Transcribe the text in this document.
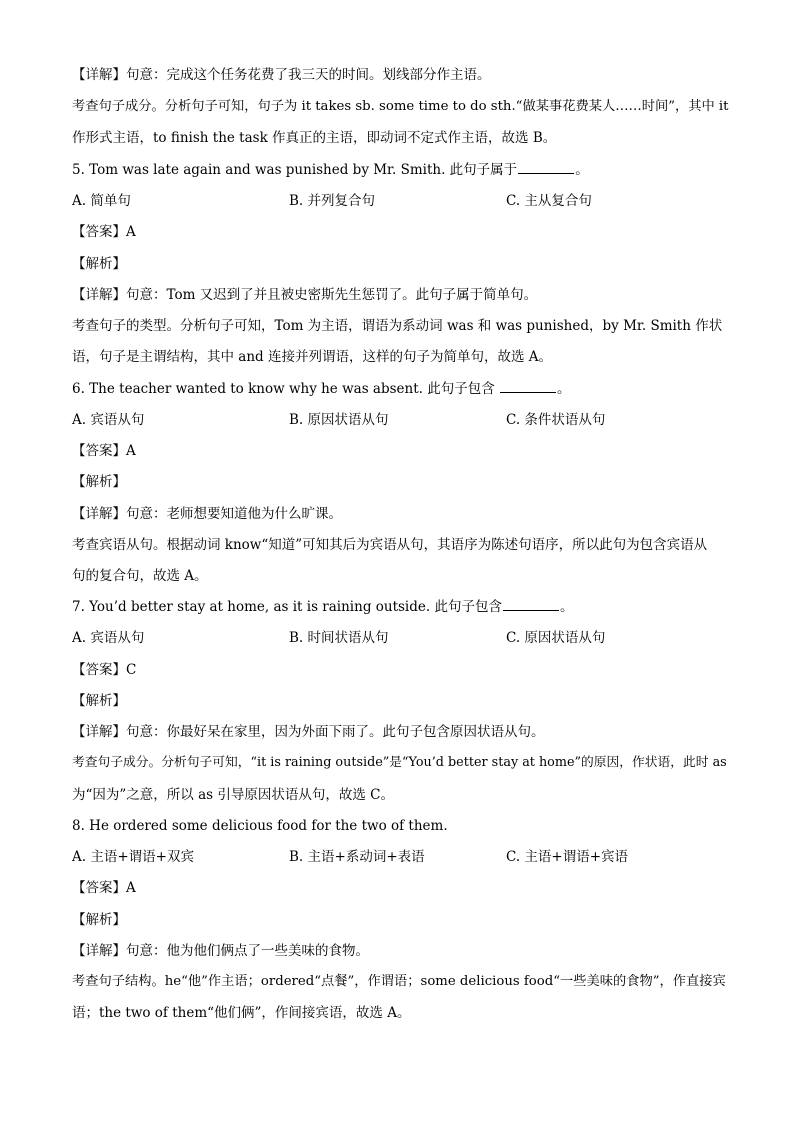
【详解】句意：完成这个任务花费了我三天的时间。划线部分作主语。
考查句子成分。分析句子可知，句子为 it takes sb. some time to do sth.“做某事花费某人……时间”，其中 it
作形式主语，to finish the task 作真正的主语，即动词不定式作主语，故选 B。
5. Tom was late again and was punished by Mr. Smith. 此句子属于	。
A. 简单句	B. 并列复合句	C. 主从复合句
【答案】A
【解析】
【详解】句意：Tom 又迟到了并且被史密斯先生惩罚了。此句子属于简单句。
考查句子的类型。分析句子可知，Tom 为主语，谓语为系动词 was 和 was punished，by Mr. Smith 作状
语，句子是主谓结构，其中 and 连接并列谓语，这样的句子为简单句，故选 A。
6. The teacher wanted to know why he was absent. 此句子包含	。
A. 宾语从句	B. 原因状语从句	C. 条件状语从句
【答案】A
【解析】
【详解】句意：老师想要知道他为什么旷课。
考查宾语从句。根据动词 know“知道”可知其后为宾语从句，其语序为陈述句语序，所以此句为包含宾语从
句的复合句，故选 A。
7. You’d better stay at home, as it is raining outside. 此句子包含	。
A. 宾语从句	B. 时间状语从句	C. 原因状语从句
【答案】C
【解析】
【详解】句意：你最好呆在家里，因为外面下雨了。此句子包含原因状语从句。
考查句子成分。分析句子可知，“it is raining outside”是“You’d better stay at home”的原因，作状语，此时 as
为“因为”之意，所以 as 引导原因状语从句，故选 C。
8. He ordered some delicious food for the two of them.
A. 主语+谓语+双宾	B. 主语+系动词+表语	C. 主语+谓语+宾语
【答案】A
【解析】
【详解】句意：他为他们俩点了一些美味的食物。
考查句子结构。he“他”作主语；ordered“点餐”，作谓语；some delicious food“一些美味的食物”，作直接宾
语；the two of them“他们俩”，作间接宾语，故选 A。
